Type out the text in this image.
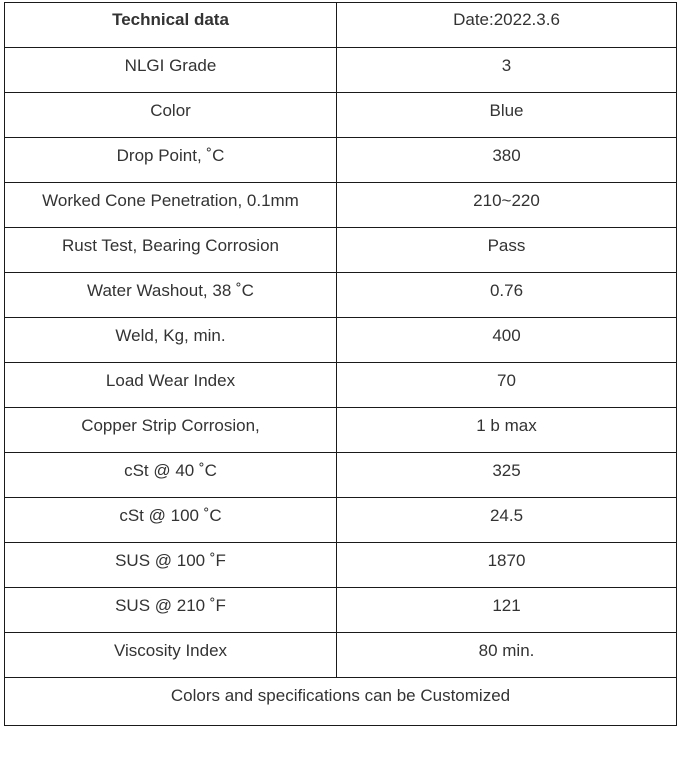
Technical data	Date:2022.3.6
NLGI Grade	3
Color	Blue
Drop Point, ˚C	380
Worked Cone Penetration, 0.1mm	210~220
Rust Test, Bearing Corrosion	Pass
Water Washout, 38 ˚C	0.76
Weld, Kg, min.	400
Load Wear Index	70
Copper Strip Corrosion,	1 b max
cSt @ 40 ˚C	325
cSt @ 100 ˚C	24.5
SUS @ 100 ˚F	1870
SUS @ 210 ˚F	121
Viscosity Index	80 min.
Colors and specifications can be Customized	
